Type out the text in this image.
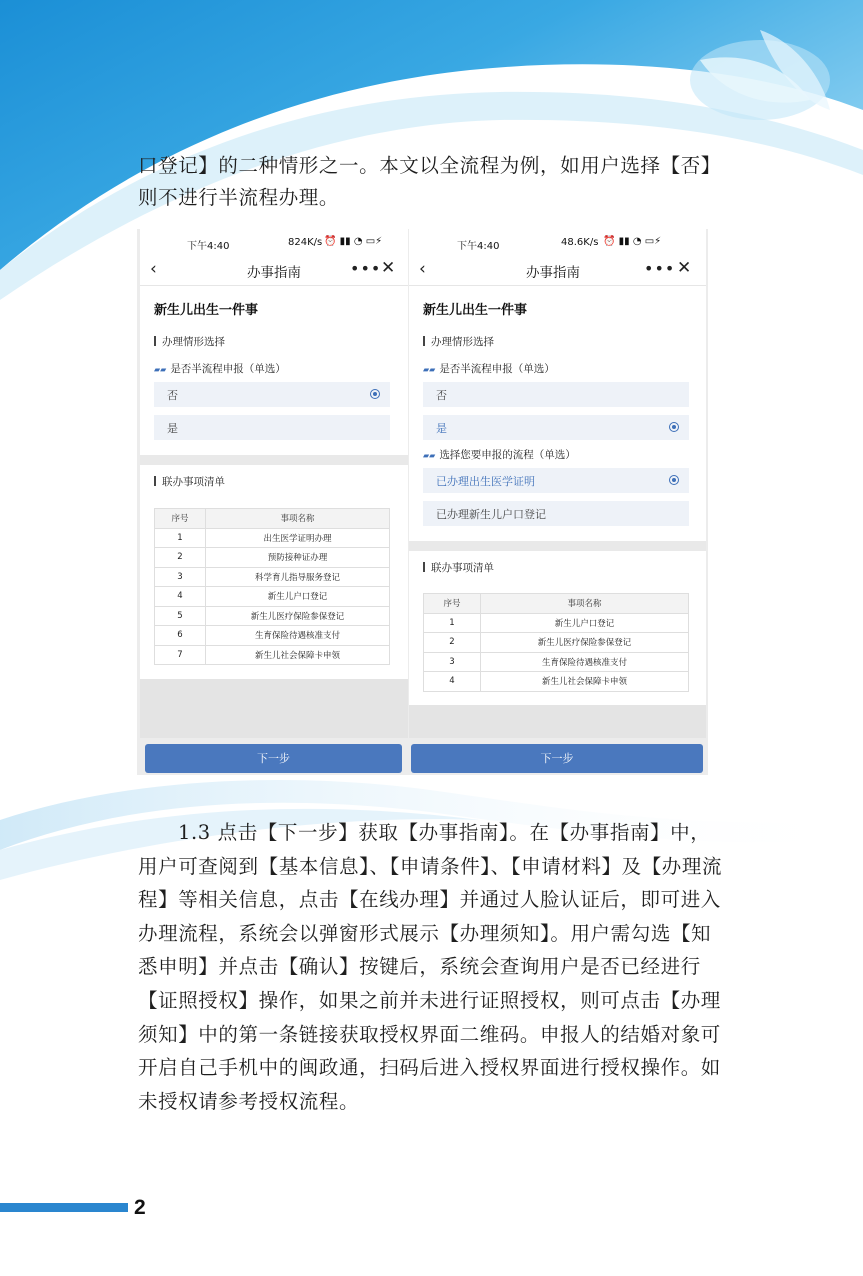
口登记】的二种情形之一。本文以全流程为例，如用户选择【否】则不进行半流程办理。
下午4:40	824K/s ⏰ ▮▮ ◔ ▭⚡
‹	办事指南	••• ✕
新生儿出生一件事
办理情形选择
▰▰ 是否半流程申报（单选）
否
是
联办事项清单
序号	事项名称
1	出生医学证明办理
2	预防接种证办理
3	科学育儿指导服务登记
4	新生儿户口登记
5	新生儿医疗保险参保登记
6	生育保险待遇核准支付
7	新生儿社会保障卡申领
下午4:40	48.6K/s ⏰ ▮▮ ◔ ▭⚡
‹	办事指南	••• ✕
新生儿出生一件事
办理情形选择
▰▰ 是否半流程申报（单选）
否
是
▰▰ 选择您要申报的流程（单选）
已办理出生医学证明
已办理新生儿户口登记
联办事项清单
序号	事项名称
1	新生儿户口登记
2	新生儿医疗保险参保登记
3	生育保险待遇核准支付
4	新生儿社会保障卡申领
下一步	下一步
1.3 点击【下一步】获取【办事指南】。在【办事指南】中，用户可查阅到【基本信息】、【申请条件】、【申请材料】及【办理流程】等相关信息，点击【在线办理】并通过人脸认证后，即可进入办理流程，系统会以弹窗形式展示【办理须知】。用户需勾选【知悉申明】并点击【确认】按键后，系统会查询用户是否已经进行【证照授权】操作，如果之前并未进行证照授权，则可点击【办理须知】中的第一条链接获取授权界面二维码。申报人的结婚对象可开启自己手机中的闽政通，扫码后进入授权界面进行授权操作。如未授权请参考授权流程。
2
